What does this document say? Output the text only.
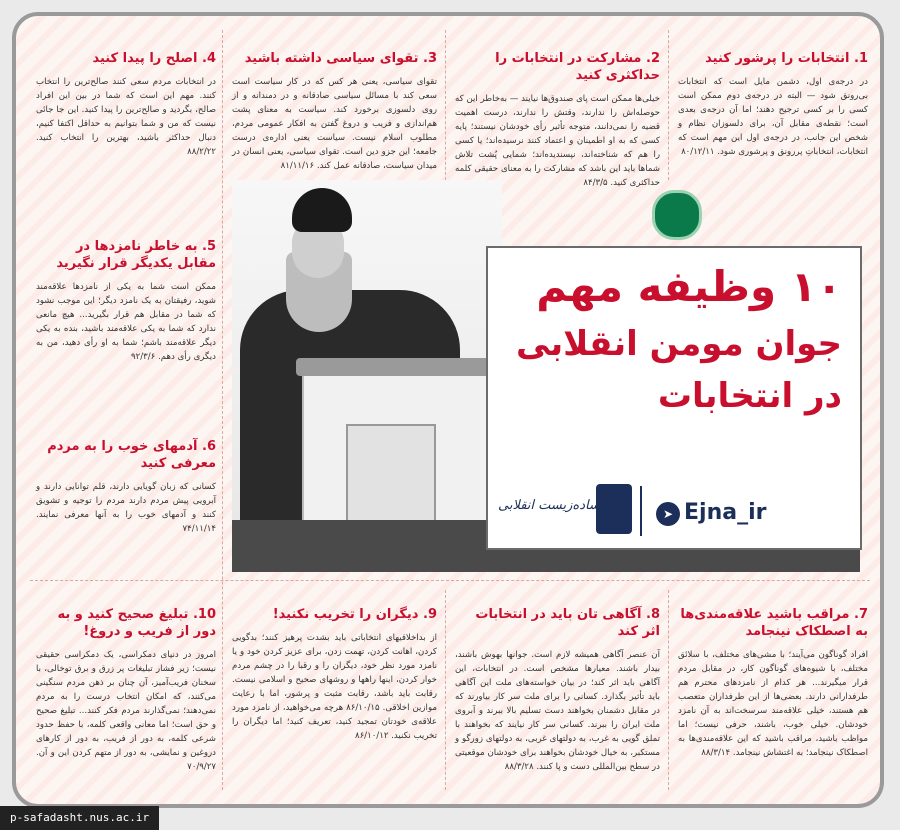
1. انتخابات را پرشور کنید

در درجه‌ی اول، دشمن مایل است که انتخابات بی‌رونق شود — البته در درجه‌ی دوم ممکن است کسی را بر کسی ترجیح دهند؛ اما آن درجه‌ی بعدی است؛ نقطه‌ی مقابل آن، برای دلسوزان نظام و شخص این جانب، در درجه‌ی اول این مهم است که انتخابات، انتخاباتِ پررونق و پرشوری شود. ۸۰/۱۲/۱۱

2. مشارکت در انتخابات را حداکثری کنید

خیلی‌ها ممکن است پای صندوق‌ها نیایند — به‌خاطر این که حوصله‌اش را ندارند، وقتش را ندارند، درست اهمیت قضیه را نمی‌دانند، متوجه تأثیر رأی خودشان نیستند؛ پایه کسی که به او اطمینان و اعتماد کنند نرسیده‌اند؛ یا کسی را هم که شناخته‌اند، نپسندیده‌اند؛ شمایی پُشت تلاش شماها باید این باشد که مشارکت را به معنای حقیقی کلمه حداکثری کنید. ۸۴/۳/۵

3. تقوای سیاسی داشته باشید

تقوای سیاسی، یعنی هر کس که در کار سیاست است سعی کند با مسائل سیاسی صادقانه و در دمندانه و از روی دلسوزی برخورد کند. سیاست به معنای پشت هم‌اندازی و فریب و دروغ گفتن به افکار عمومی مردم، مطلوب اسلام نیست. سیاست یعنی اداره‌ی درست جامعه؛ این جزو دین است. تقوای سیاسی، یعنی انسان در میدان سیاست، صادقانه عمل کند. ۸۱/۱۱/۱۶

4. اصلح را پیدا کنید

در انتخابات مردم سعی کنند صالح‌ترین را انتخاب کنند. مهم این است که شما در بین این افراد صالح، بگردید و صالح‌ترین را پیدا کنید. این جا جائی نیست که من و شما بتوانیم به حداقل اکتفا کنیم، دنبال حداکثر باشید، بهترین را انتخاب کنید. ۸۸/۲/۲۲

5. به خاطر نامزدها در مقابل یکدیگر قرار نگیرید

ممکن است شما به یکی از نامزدها علاقه‌مند شوید، رفیقتان به یک نامزد دیگر؛ این موجب نشود که شما در مقابل هم قرار بگیرید... هیچ مانعی ندارد که شما به یکی علاقه‌مند باشید، بنده به یکی دیگر علاقه‌مند باشم؛ شما به او رأی دهید، من به دیگری رأی دهم. ۹۲/۳/۶

6. آدمهای خوب را به مردم معرفی کنید

کسانی که زبان گویایی دارند، قلم توانایی دارند و آبرویی پیش مردم دارند مردم را توجیه و تشویق کنند و آدمهای خوب را به آنها معرفی نمایند. ۷۴/۱۱/۱۴

۱۰ وظیفه مهم
جوان مومن انقلابی
در انتخابات
➤ Ejna_ir
جوان ساده‌زیست انقلابی
7. مراقب باشید علاقه‌مندی‌ها به اصطکاک نینجامد

افراد گوناگون می‌آیند؛ با مشی‌های مختلف، با سلائق مختلف، با شیوه‌های گوناگون کار، در مقابل مردم قرار میگیرند... هر کدام از نامزدهای محترم هم طرفدارانی دارند. بعضی‌ها از این طرفداران متعصب هم هستند، خیلی علاقه‌مند سرسخت‌اند به آن نامزد خودشان. خیلی خوب، باشند، حرفی نیست؛ اما مواظب باشید، مراقب باشید که این علاقه‌مندی‌ها به اصطکاک نینجامد؛ به اغتشاش نینجامد. ۸۸/۳/۱۴

8. آگاهی تان باید در انتخابات اثر کند

آن عنصر آگاهی همیشه لازم است. جوانها بهوش باشند، بیدار باشند. معیارها مشخص است. در انتخابات، این آگاهی باید اثر کند؛ در بیان خواسته‌های ملت این آگاهی باید تأثیر بگذارد. کسانی را برای ملت سر کار بیاورند که در مقابل دشمنان بخواهند دست تسلیم بالا ببرند و آبروی ملت ایران را ببرند. کسانی سر کار نیایند که بخواهند با تملق گویی به غرب، به دولتهای غربی، به دولتهای زورگو و مستکبر، به خیال خودشان بخواهند برای خودشان موقعیتی در سطح بین‌المللی دست و پا کنند. ۸۸/۳/۲۸

9. دیگران را تخریب نکنید!

از بداخلاقیهای انتخاباتی باید بشدت پرهیز کنند؛ بدگویی کردن، اهانت کردن، تهمت زدن، برای عزیز کردن خود و یا نامزد مورد نظر خود، دیگران را و رقبا را در چشم مردم خوار کردن، اینها راهها و روشهای صحیح و اسلامی نیست. رقابت باید باشد، رقابت مثبت و پرشور، اما با رعایت موازین اخلاقی. ۸۶/۱۰/۱۵ هرچه می‌خواهید، از نامزد مورد علاقه‌ی خودتان تمجید کنید، تعریف کنید؛ اما دیگران را تخریب نکنید. ۸۶/۱۰/۱۲

10. تبلیغ صحیح کنید و به دور از فریب و دروغ!

امروز در دنیای دمکراسی، یک دمکراسی حقیقی نیست؛ زیر فشار تبلیغات پر زرق و برق توخالی، با سخنان فریب‌آمیز، آن چنان بر ذهن مردم سنگینی می‌کنند، که امکان انتخاب درست را به مردم نمی‌دهند؛ نمی‌گذارند مردم فکر کنند... تبلیغ صحیح و حق است؛ اما معانی واقعی کلمه، با حفظ حدود شرعی کلمه، به دور از فریب، به دور از کارهای دروغین و نمایشی، به دور از متهم کردن این و آن. ۷۰/۹/۲۷

p-safadasht.nus.ac.ir
